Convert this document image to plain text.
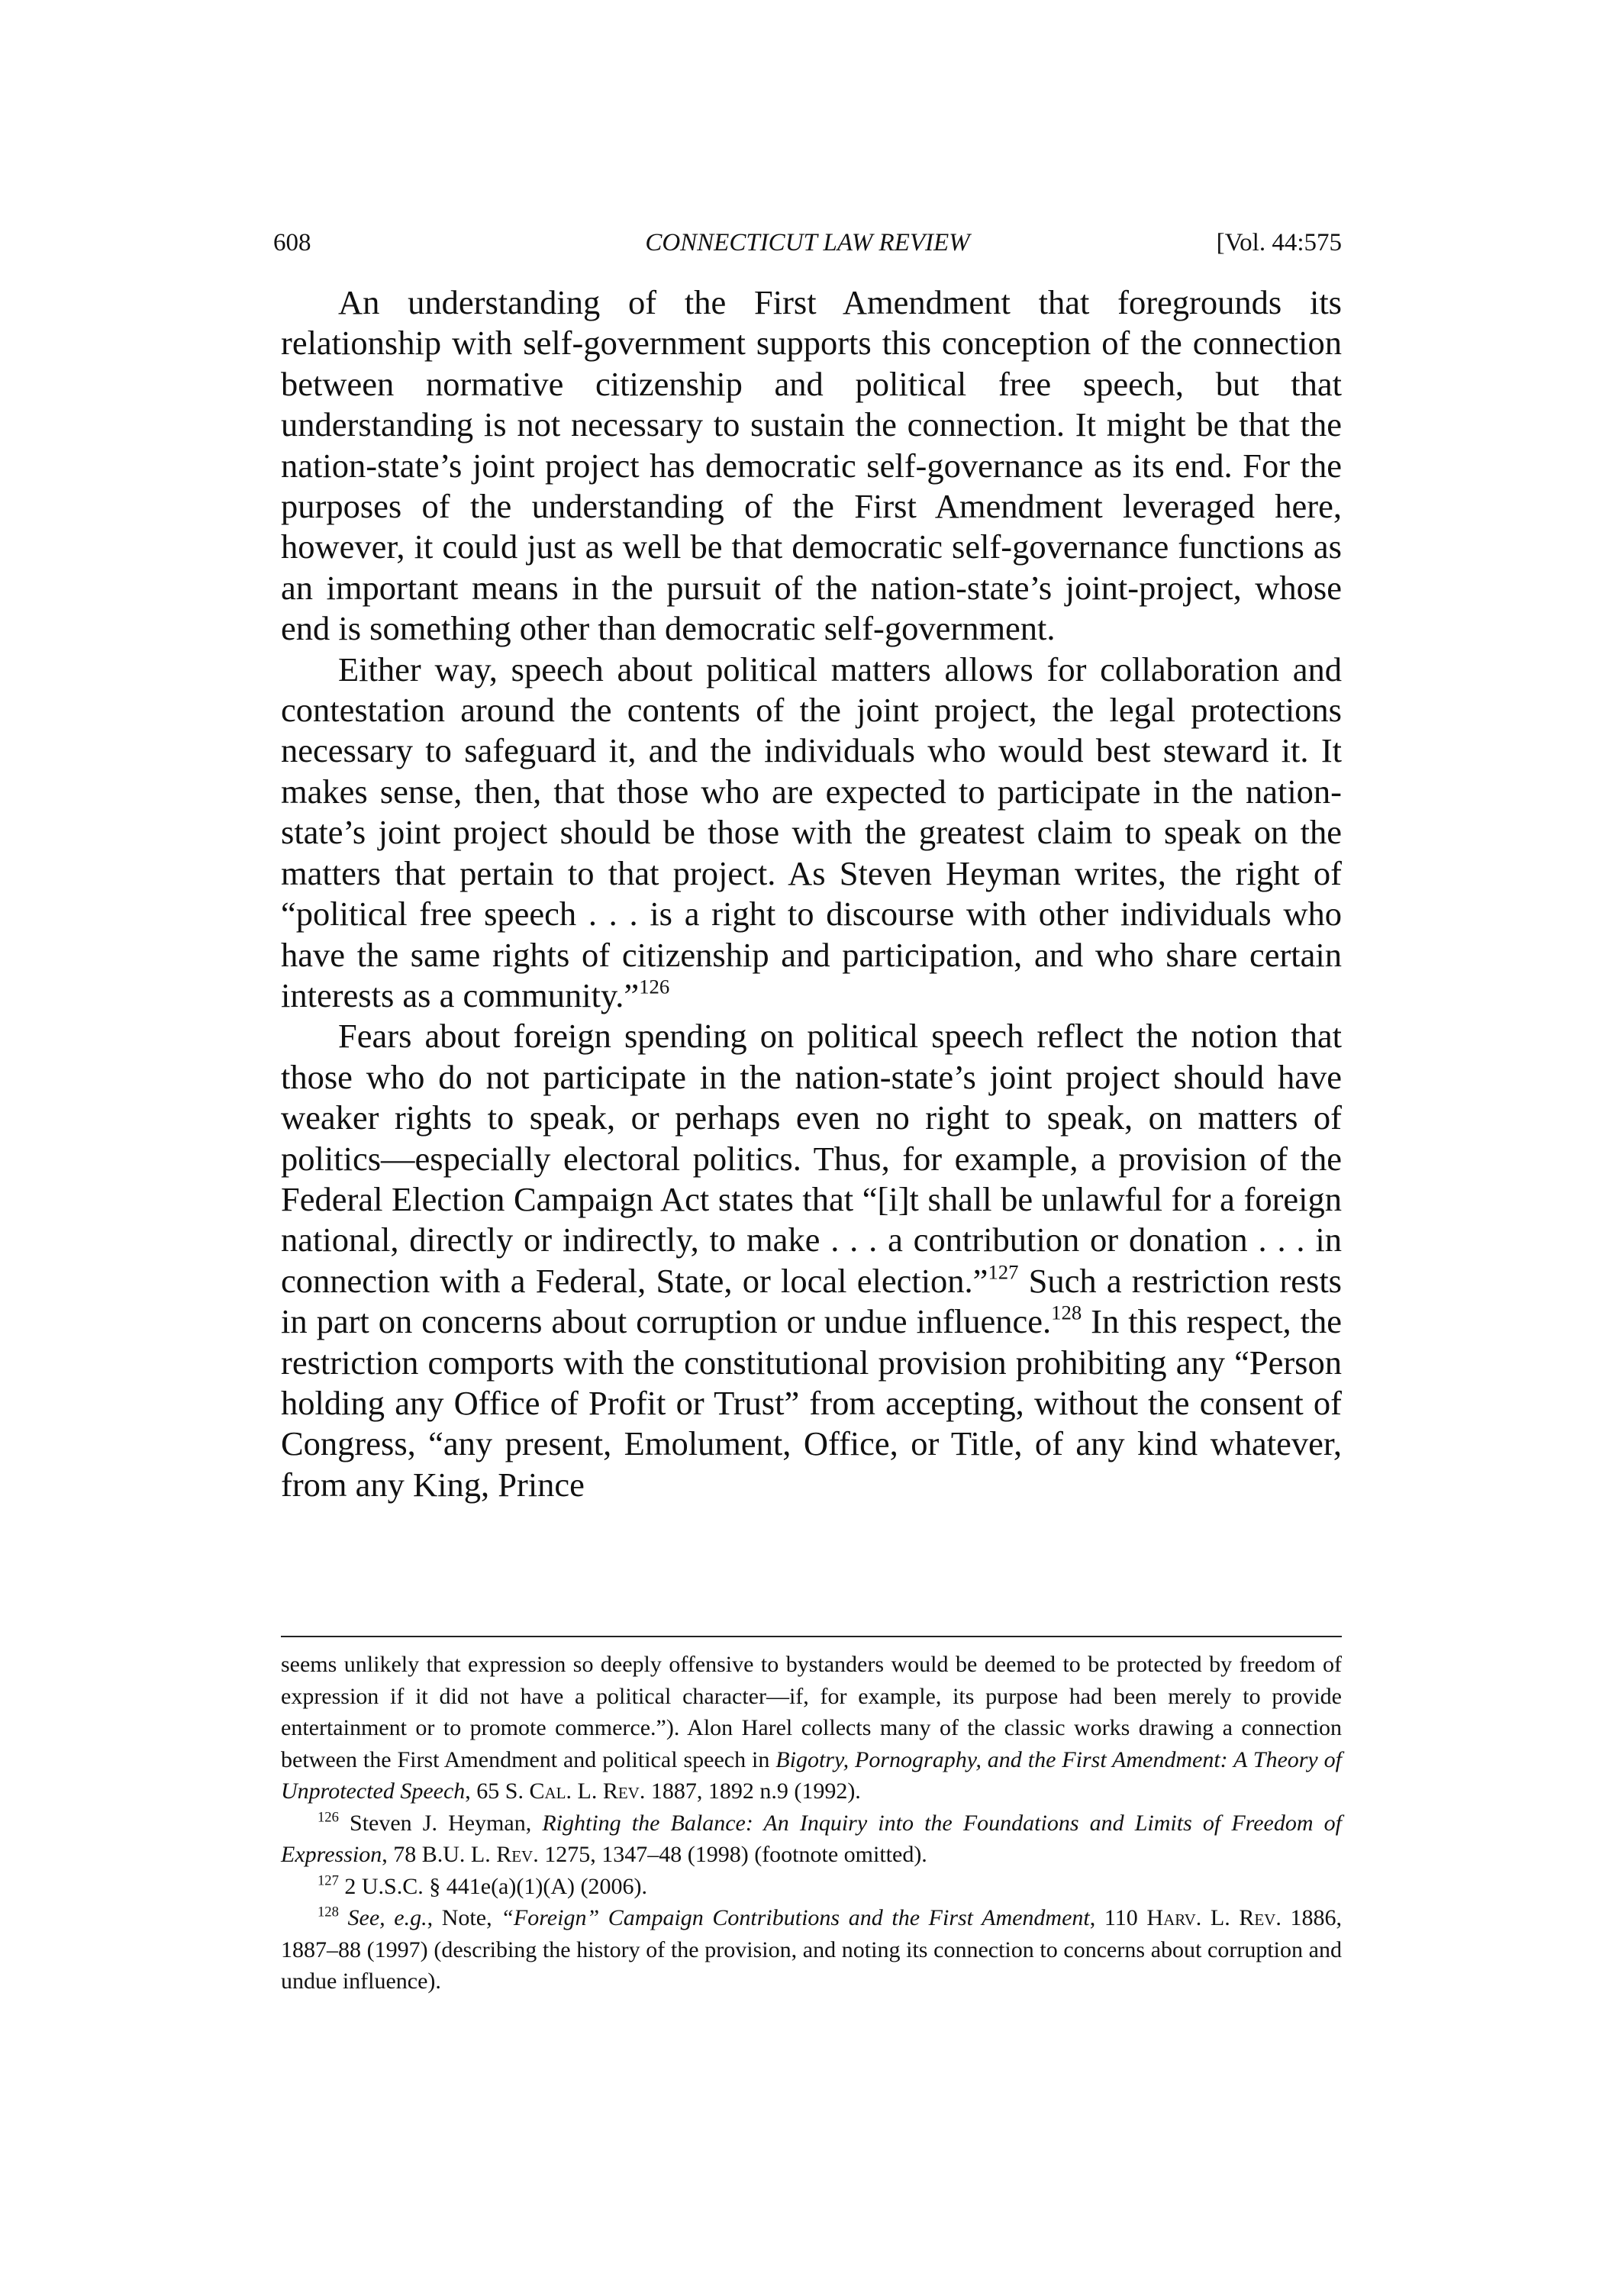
608	CONNECTICUT LAW REVIEW	[Vol. 44:575

An understanding of the First Amendment that foregrounds its relationship with self-government supports this conception of the connection between normative citizenship and political free speech, but that understanding is not necessary to sustain the connection. It might be that the nation-state’s joint project has democratic self-governance as its end. For the purposes of the understanding of the First Amendment leveraged here, however, it could just as well be that democratic self-governance functions as an important means in the pursuit of the nation-state’s joint-project, whose end is something other than democratic self-government.

Either way, speech about political matters allows for collaboration and contestation around the contents of the joint project, the legal protections necessary to safeguard it, and the individuals who would best steward it. It makes sense, then, that those who are expected to participate in the nation-state’s joint project should be those with the greatest claim to speak on the matters that pertain to that project. As Steven Heyman writes, the right of “political free speech . . . is a right to discourse with other individuals who have the same rights of citizenship and participation, and who share certain interests as a community.”$^{126}$

Fears about foreign spending on political speech reflect the notion that those who do not participate in the nation-state’s joint project should have weaker rights to speak, or perhaps even no right to speak, on matters of politics—especially electoral politics. Thus, for example, a provision of the Federal Election Campaign Act states that “[i]t shall be unlawful for a foreign national, directly or indirectly, to make . . . a contribution or donation . . . in connection with a Federal, State, or local election.”$^{127}$ Such a restriction rests in part on concerns about corruption or undue influence.$^{128}$ In this respect, the restriction comports with the constitutional provision prohibiting any “Person holding any Office of Profit or Trust” from accepting, without the consent of Congress, “any present, Emolument, Office, or Title, of any kind whatever, from any King, Prince

seems unlikely that expression so deeply offensive to bystanders would be deemed to be protected by freedom of expression if it did not have a political character—if, for example, its purpose had been merely to provide entertainment or to promote commerce.”). Alon Harel collects many of the classic works drawing a connection between the First Amendment and political speech in Bigotry, Pornography, and the First Amendment: A Theory of Unprotected Speech, 65 S. Cal. L. Rev. 1887, 1892 n.9 (1992).

$^{126}$ Steven J. Heyman, Righting the Balance: An Inquiry into the Foundations and Limits of Freedom of Expression, 78 B.U. L. Rev. 1275, 1347–48 (1998) (footnote omitted).

$^{127}$ 2 U.S.C. § 441e(a)(1)(A) (2006).

$^{128}$ See, e.g., Note, “Foreign” Campaign Contributions and the First Amendment, 110 Harv. L. Rev. 1886, 1887–88 (1997) (describing the history of the provision, and noting its connection to concerns about corruption and undue influence).
